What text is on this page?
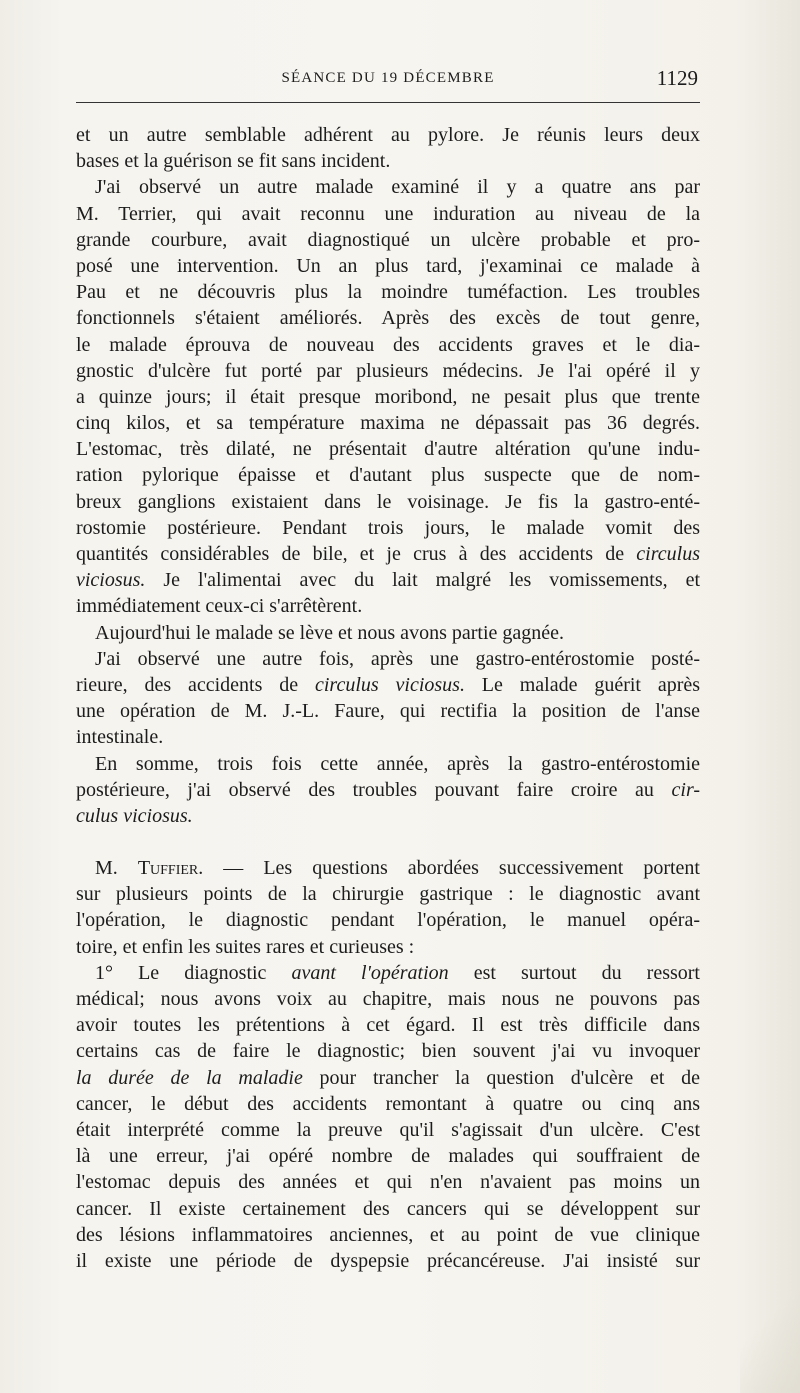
SÉANCE DU 19 DÉCEMBRE	1129
et un autre semblable adhérent au pylore. Je réunis leurs deux
bases et la guérison se fit sans incident.
J'ai observé un autre malade examiné il y a quatre ans par
M. Terrier, qui avait reconnu une induration au niveau de la
grande courbure, avait diagnostiqué un ulcère probable et pro-
posé une intervention. Un an plus tard, j'examinai ce malade à
Pau et ne découvris plus la moindre tuméfaction. Les troubles
fonctionnels s'étaient améliorés. Après des excès de tout genre,
le malade éprouva de nouveau des accidents graves et le dia-
gnostic d'ulcère fut porté par plusieurs médecins. Je l'ai opéré il y
a quinze jours; il était presque moribond, ne pesait plus que trente
cinq kilos, et sa température maxima ne dépassait pas 36 degrés.
L'estomac, très dilaté, ne présentait d'autre altération qu'une indu-
ration pylorique épaisse et d'autant plus suspecte que de nom-
breux ganglions existaient dans le voisinage. Je fis la gastro-enté-
rostomie postérieure. Pendant trois jours, le malade vomit des
quantités considérables de bile, et je crus à des accidents de circulus
viciosus. Je l'alimentai avec du lait malgré les vomissements, et
immédiatement ceux-ci s'arrêtèrent.
Aujourd'hui le malade se lève et nous avons partie gagnée.
J'ai observé une autre fois, après une gastro-entérostomie posté-
rieure, des accidents de circulus viciosus. Le malade guérit après
une opération de M. J.-L. Faure, qui rectifia la position de l'anse
intestinale.
En somme, trois fois cette année, après la gastro-entérostomie
postérieure, j'ai observé des troubles pouvant faire croire au cir-
culus viciosus.
M. Tuffier. — Les questions abordées successivement portent
sur plusieurs points de la chirurgie gastrique : le diagnostic avant
l'opération, le diagnostic pendant l'opération, le manuel opéra-
toire, et enfin les suites rares et curieuses :
1° Le diagnostic avant l'opération est surtout du ressort
médical; nous avons voix au chapitre, mais nous ne pouvons pas
avoir toutes les prétentions à cet égard. Il est très difficile dans
certains cas de faire le diagnostic; bien souvent j'ai vu invoquer
la durée de la maladie pour trancher la question d'ulcère et de
cancer, le début des accidents remontant à quatre ou cinq ans
était interprété comme la preuve qu'il s'agissait d'un ulcère. C'est
là une erreur, j'ai opéré nombre de malades qui souffraient de
l'estomac depuis des années et qui n'en n'avaient pas moins un
cancer. Il existe certainement des cancers qui se développent sur
des lésions inflammatoires anciennes, et au point de vue clinique
il existe une période de dyspepsie précancéreuse. J'ai insisté sur
